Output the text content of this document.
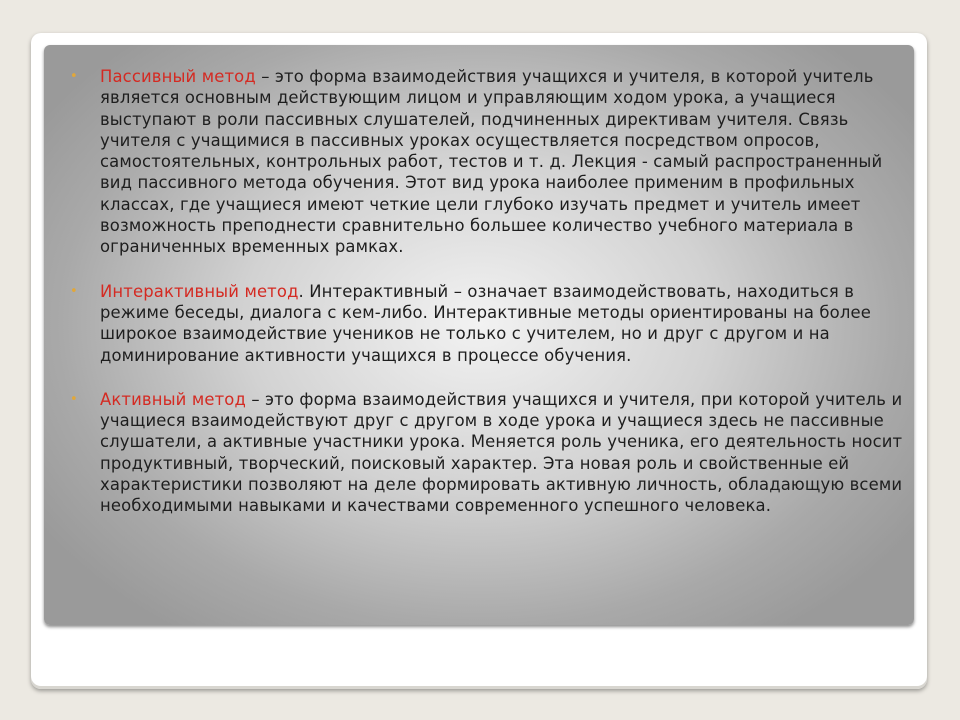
• Пассивный метод – это форма взаимодействия учащихся и учителя, в которой учитель является основным действующим лицом и управляющим ходом урока, а учащиеся выступают в роли пассивных слушателей, подчиненных директивам учителя. Связь учителя с учащимися в пассивных уроках осуществляется посредством опросов, самостоятельных, контрольных работ, тестов и т. д. Лекция - самый распространенный вид пассивного метода обучения. Этот вид урока наиболее применим в профильных классах, где учащиеся имеют четкие цели глубоко изучать предмет и учитель имеет возможность преподнести сравнительно большее количество учебного материала в ограниченных временных рамках.
• Интерактивный метод. Интерактивный – означает взаимодействовать, находиться в режиме беседы, диалога с кем-либо. Интерактивные методы ориентированы на более широкое взаимодействие учеников не только с учителем, но и друг с другом и на доминирование активности учащихся в процессе обучения.
• Активный метод – это форма взаимодействия учащихся и учителя, при которой учитель и учащиеся взаимодействуют друг с другом в ходе урока и учащиеся здесь не пассивные слушатели, а активные участники урока. Меняется роль ученика, его деятельность носит продуктивный, творческий, поисковый характер. Эта новая роль и свойственные ей характеристики позволяют на деле формировать активную личность, обладающую всеми необходимыми навыками и качествами современного успешного человека.
